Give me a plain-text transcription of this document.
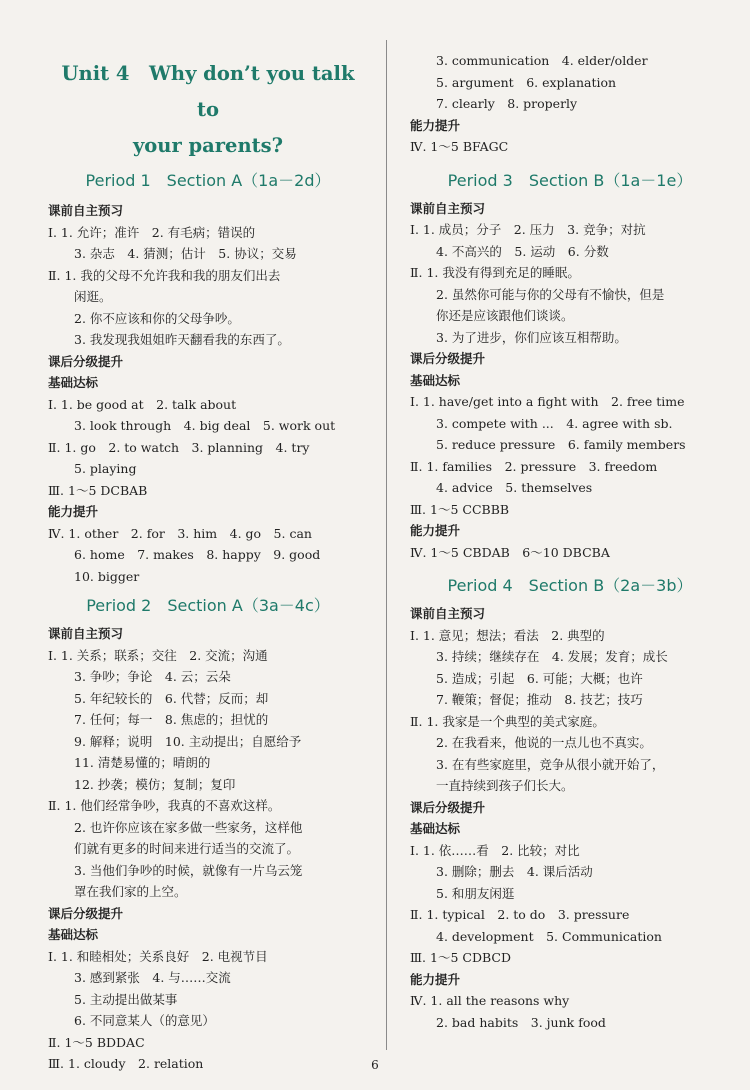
Unit 4　Why don’t you talk to
your parents?
Period 1　Section A（1a－2d）
课前自主预习
Ⅰ. 1. 允许；准许　2. 有毛病；错误的
3. 杂志　4. 猜测；估计　5. 协议；交易
Ⅱ. 1. 我的父母不允许我和我的朋友们出去
闲逛。
2. 你不应该和你的父母争吵。
3. 我发现我姐姐昨天翻看我的东西了。
课后分级提升
基础达标
Ⅰ. 1. be good at　2. talk about
3. look through　4. big deal　5. work out
Ⅱ. 1. go　2. to watch　3. planning　4. try
5. playing
Ⅲ. 1～5 DCBAB
能力提升
Ⅳ. 1. other　2. for　3. him　4. go　5. can
6. home　7. makes　8. happy　9. good
10. bigger
Period 2　Section A（3a－4c）
课前自主预习
Ⅰ. 1. 关系；联系；交往　2. 交流；沟通
3. 争吵；争论　4. 云；云朵
5. 年纪较长的　6. 代替；反而；却
7. 任何；每一　8. 焦虑的；担忧的
9. 解释；说明　10. 主动提出；自愿给予
11. 清楚易懂的；晴朗的
12. 抄袭；模仿；复制；复印
Ⅱ. 1. 他们经常争吵，我真的不喜欢这样。
2. 也许你应该在家多做一些家务，这样他
们就有更多的时间来进行适当的交流了。
3. 当他们争吵的时候，就像有一片乌云笼
罩在我们家的上空。
课后分级提升
基础达标
Ⅰ. 1. 和睦相处；关系良好　2. 电视节目
3. 感到紧张　4. 与……交流
5. 主动提出做某事
6. 不同意某人（的意见）
Ⅱ. 1～5 BDDAC
Ⅲ. 1. cloudy　2. relation
3. communication　4. elder/older
5. argument　6. explanation
7. clearly　8. properly
能力提升
Ⅳ. 1～5 BFAGC
Period 3　Section B（1a－1e）
课前自主预习
Ⅰ. 1. 成员；分子　2. 压力　3. 竞争；对抗
4. 不高兴的　5. 运动　6. 分数
Ⅱ. 1. 我没有得到充足的睡眠。
2. 虽然你可能与你的父母有不愉快，但是
你还是应该跟他们谈谈。
3. 为了进步，你们应该互相帮助。
课后分级提升
基础达标
Ⅰ. 1. have/get into a fight with　2. free time
3. compete with ...　4. agree with sb.
5. reduce pressure　6. family members
Ⅱ. 1. families　2. pressure　3. freedom
4. advice　5. themselves
Ⅲ. 1～5 CCBBB
能力提升
Ⅳ. 1～5 CBDAB　6～10 DBCBA
Period 4　Section B（2a－3b）
课前自主预习
Ⅰ. 1. 意见；想法；看法　2. 典型的
3. 持续；继续存在　4. 发展；发育；成长
5. 造成；引起　6. 可能；大概；也许
7. 鞭策；督促；推动　8. 技艺；技巧
Ⅱ. 1. 我家是一个典型的美式家庭。
2. 在我看来，他说的一点儿也不真实。
3. 在有些家庭里，竞争从很小就开始了，
一直持续到孩子们长大。
课后分级提升
基础达标
Ⅰ. 1. 依……看　2. 比较；对比
3. 删除；删去　4. 课后活动
5. 和朋友闲逛
Ⅱ. 1. typical　2. to do　3. pressure
4. development　5. Communication
Ⅲ. 1～5 CDBCD
能力提升
Ⅳ. 1. all the reasons why
2. bad habits　3. junk food
6
